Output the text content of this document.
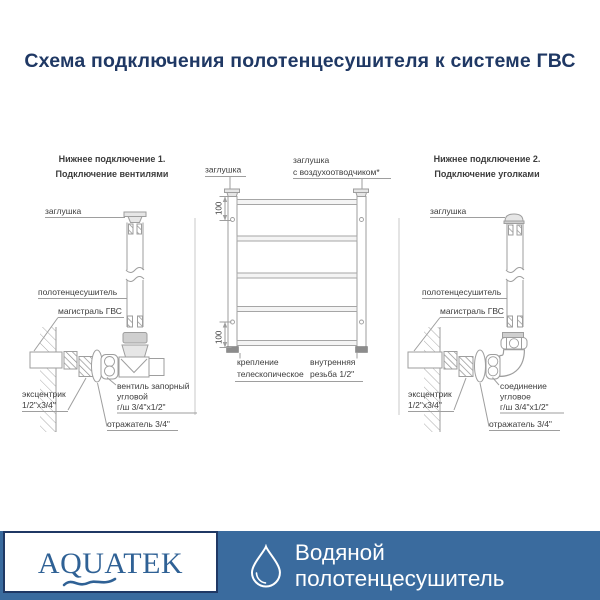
Схема подключения полотенцесушителя к системе ГВС
Нижнее подключение 1.
Подключение вентилями
заглушка
полотенцесушитель
магистраль ГВС
вентиль запорный
угловой
г/ш 3/4"х1/2"
эксцентрик
1/2"х3/4"
отражатель 3/4"
заглушка
заглушка
с воздухоотводчиком*
100
100
крепление
телескопическое
внутренняя
резьба 1/2"
Нижнее подключение 2.
Подключение уголками
заглушка
полотенцесушитель
магистраль ГВС
соединение
угловое
г/ш 3/4"х1/2"
эксцентрик
1/2"х3/4"
отражатель 3/4"
AQUATEK	Водяной полотенцесушитель
